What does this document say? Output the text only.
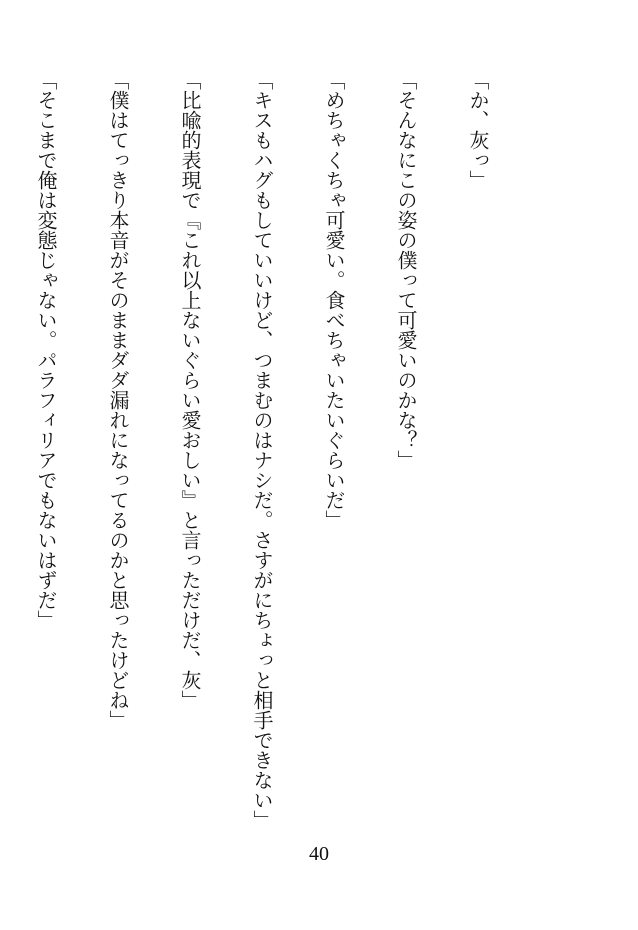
「か、灰っ」

「そんなにこの姿の僕って可愛いのかな？」

「めちゃくちゃ可愛い。食べちゃいたいぐらいだ」

「キスもハグもしていいけど、つまむのはナシだ。さすがにちょっと相手できない」

「比喩的表現で『これ以上ないぐらい愛おしい』と言っただけだ、灰」

「僕はてっきり本音がそのままダダ漏れになってるのかと思ったけどね」

「そこまで俺は変態じゃない。パラフィリアでもないはずだ」

40
